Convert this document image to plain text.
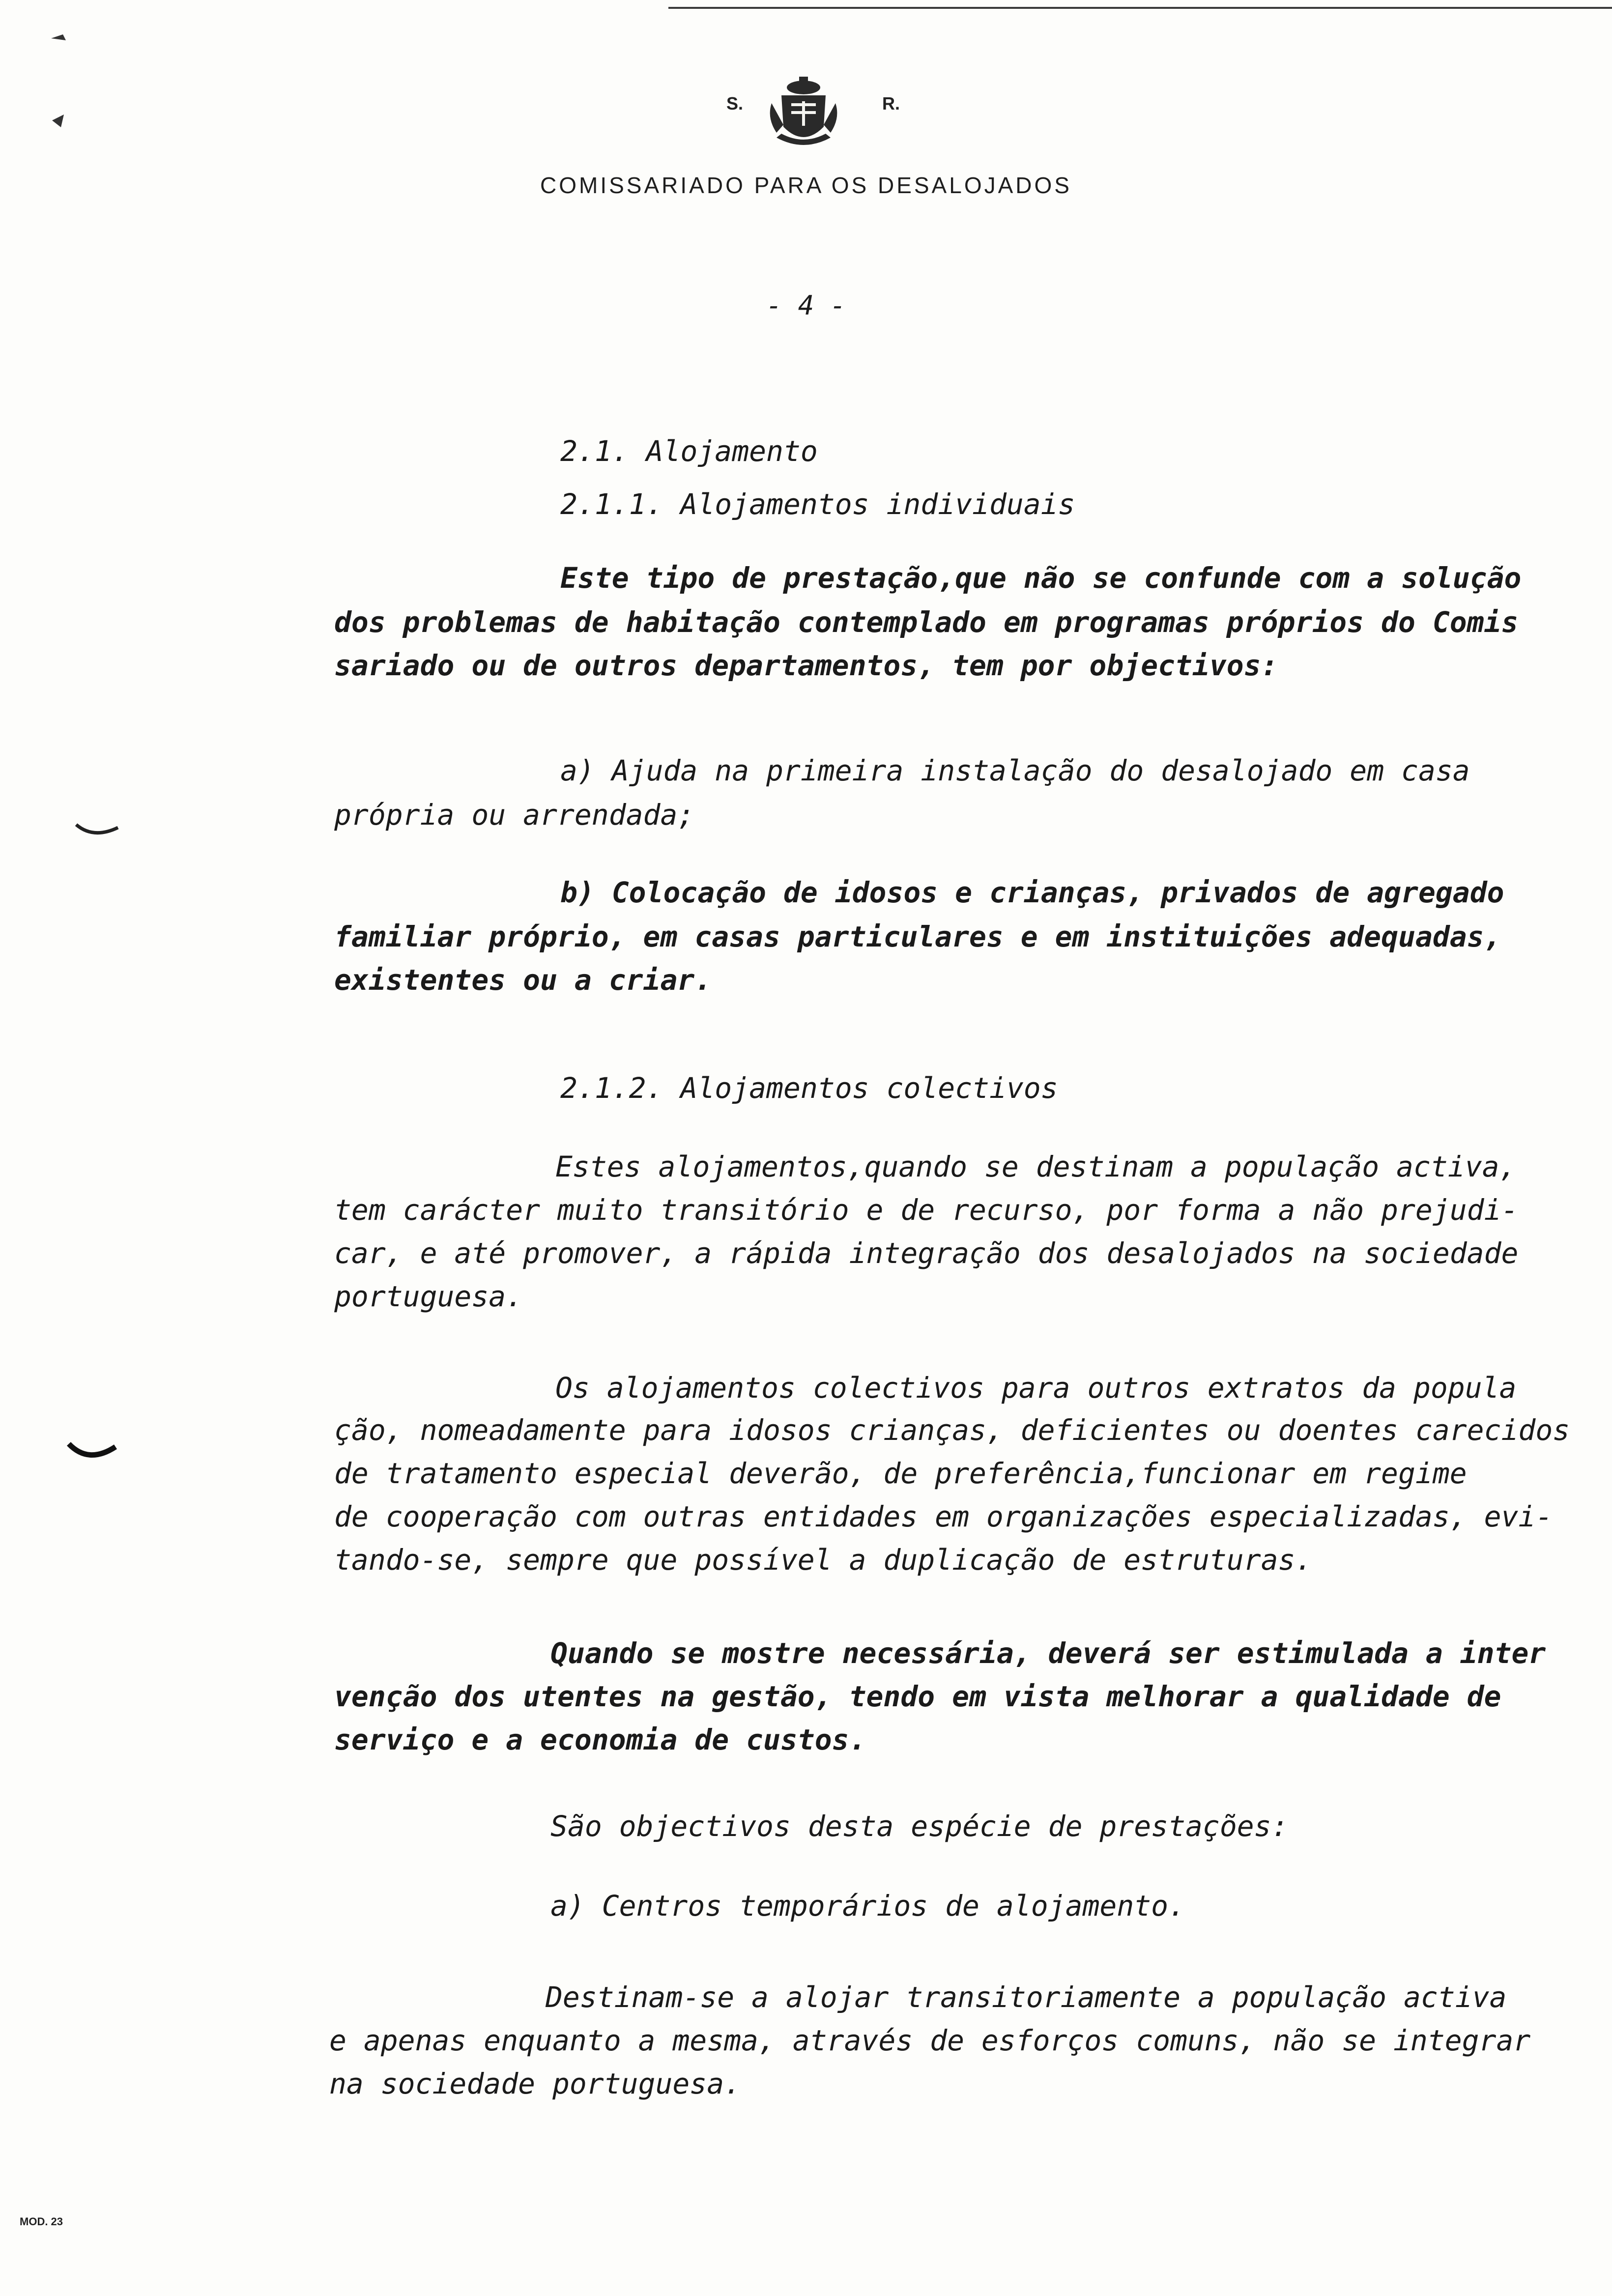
S.	R.
COMISSARIADO PARA OS DESALOJADOS
- 4 -
2.1. Alojamento
2.1.1. Alojamentos individuais
Este tipo de prestação,que não se confunde com a solução
dos problemas de habitação contemplado em programas próprios do Comis
sariado ou de outros departamentos, tem por objectivos:
a) Ajuda na primeira instalação do desalojado em casa
própria ou arrendada;
b) Colocação de idosos e crianças, privados de agregado
familiar próprio, em casas particulares e em instituições adequadas,
existentes ou a criar.
2.1.2. Alojamentos colectivos
Estes alojamentos,quando se destinam a população activa,
tem carácter muito transitório e de recurso, por forma a não prejudi-
car, e até promover, a rápida integração dos desalojados na sociedade
portuguesa.
Os alojamentos colectivos para outros extratos da popula
ção, nomeadamente para idosos crianças, deficientes ou doentes carecidos
de tratamento especial deverão, de preferência,funcionar em regime
de cooperação com outras entidades em organizações especializadas, evi-
tando-se, sempre que possível a duplicação de estruturas.
Quando se mostre necessária, deverá ser estimulada a inter
venção dos utentes na gestão, tendo em vista melhorar a qualidade de
serviço e a economia de custos.
São objectivos desta espécie de prestações:
a) Centros temporários de alojamento.
Destinam-se a alojar transitoriamente a população activa
e apenas enquanto a mesma, através de esforços comuns, não se integrar
na sociedade portuguesa.
MOD. 23
